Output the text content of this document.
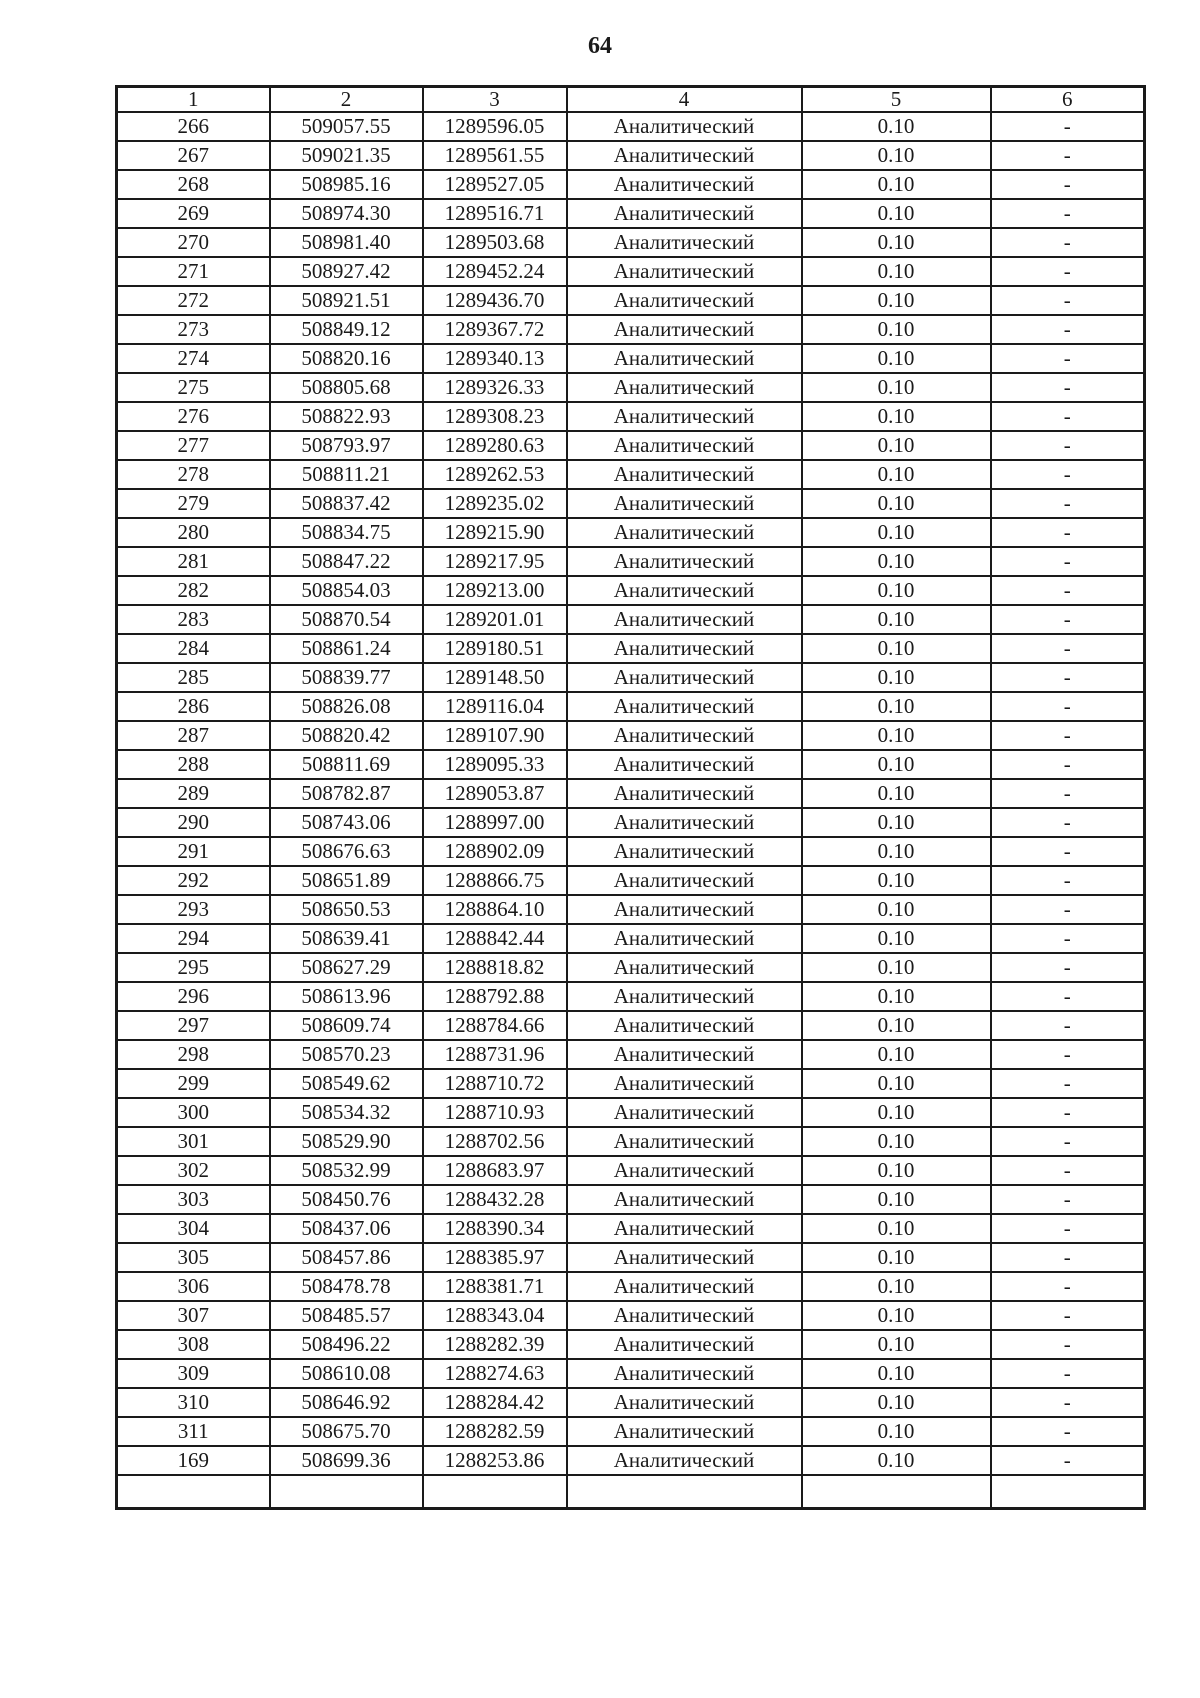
64
1	2	3	4	5	6
266	509057.55	1289596.05	Аналитический	0.10	-
267	509021.35	1289561.55	Аналитический	0.10	-
268	508985.16	1289527.05	Аналитический	0.10	-
269	508974.30	1289516.71	Аналитический	0.10	-
270	508981.40	1289503.68	Аналитический	0.10	-
271	508927.42	1289452.24	Аналитический	0.10	-
272	508921.51	1289436.70	Аналитический	0.10	-
273	508849.12	1289367.72	Аналитический	0.10	-
274	508820.16	1289340.13	Аналитический	0.10	-
275	508805.68	1289326.33	Аналитический	0.10	-
276	508822.93	1289308.23	Аналитический	0.10	-
277	508793.97	1289280.63	Аналитический	0.10	-
278	508811.21	1289262.53	Аналитический	0.10	-
279	508837.42	1289235.02	Аналитический	0.10	-
280	508834.75	1289215.90	Аналитический	0.10	-
281	508847.22	1289217.95	Аналитический	0.10	-
282	508854.03	1289213.00	Аналитический	0.10	-
283	508870.54	1289201.01	Аналитический	0.10	-
284	508861.24	1289180.51	Аналитический	0.10	-
285	508839.77	1289148.50	Аналитический	0.10	-
286	508826.08	1289116.04	Аналитический	0.10	-
287	508820.42	1289107.90	Аналитический	0.10	-
288	508811.69	1289095.33	Аналитический	0.10	-
289	508782.87	1289053.87	Аналитический	0.10	-
290	508743.06	1288997.00	Аналитический	0.10	-
291	508676.63	1288902.09	Аналитический	0.10	-
292	508651.89	1288866.75	Аналитический	0.10	-
293	508650.53	1288864.10	Аналитический	0.10	-
294	508639.41	1288842.44	Аналитический	0.10	-
295	508627.29	1288818.82	Аналитический	0.10	-
296	508613.96	1288792.88	Аналитический	0.10	-
297	508609.74	1288784.66	Аналитический	0.10	-
298	508570.23	1288731.96	Аналитический	0.10	-
299	508549.62	1288710.72	Аналитический	0.10	-
300	508534.32	1288710.93	Аналитический	0.10	-
301	508529.90	1288702.56	Аналитический	0.10	-
302	508532.99	1288683.97	Аналитический	0.10	-
303	508450.76	1288432.28	Аналитический	0.10	-
304	508437.06	1288390.34	Аналитический	0.10	-
305	508457.86	1288385.97	Аналитический	0.10	-
306	508478.78	1288381.71	Аналитический	0.10	-
307	508485.57	1288343.04	Аналитический	0.10	-
308	508496.22	1288282.39	Аналитический	0.10	-
309	508610.08	1288274.63	Аналитический	0.10	-
310	508646.92	1288284.42	Аналитический	0.10	-
311	508675.70	1288282.59	Аналитический	0.10	-
169	508699.36	1288253.86	Аналитический	0.10	-
